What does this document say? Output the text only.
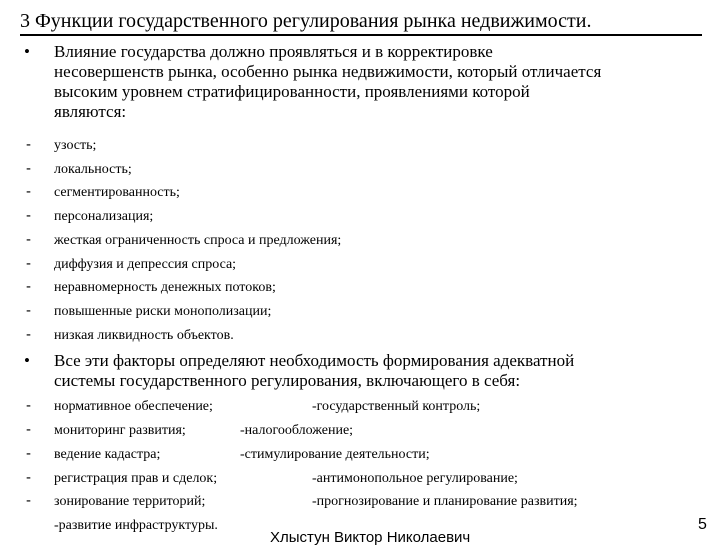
3 Функции государственного регулирования рынка недвижимости.
• Влияние государства должно проявляться и в корректировке
несовершенств рынка, особенно рынка недвижимости, который отличается
высоким уровнем стратифицированности, проявлениями которой
являются:
- узость;
- локальность;
- сегментированность;
- персонализация;
- жесткая ограниченность спроса и предложения;
- диффузия и депрессия спроса;
- неравномерность денежных потоков;
- повышенные риски монополизации;
- низкая ликвидность объектов.
• Все эти факторы определяют необходимость формирования адекватной
системы государственного регулирования, включающего в себя:
- нормативное обеспечение;	-государственный контроль;
- мониторинг развития;	-налогообложение;
- ведение кадастра;	-стимулирование деятельности;
- регистрация прав и сделок;	-антимонопольное регулирование;
- зонирование территорий;	-прогнозирование и планирование развития;
-развитие инфраструктуры.
Хлыстун Виктор Николаевич
5
